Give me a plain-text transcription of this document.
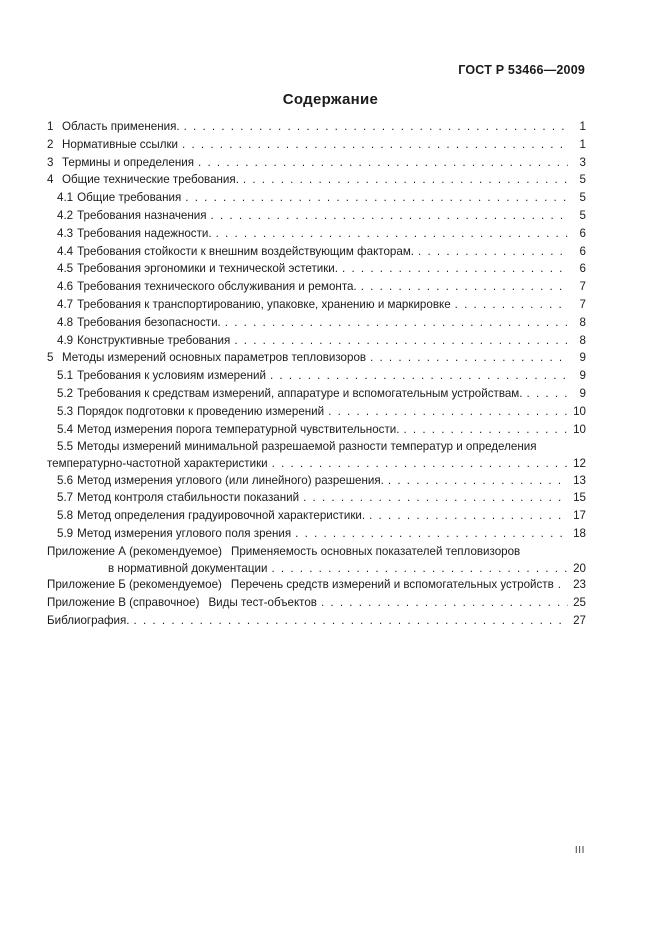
ГОСТ Р 53466—2009
Содержание
1 Область применения. . . .	1
2 Нормативные ссылки . . .	1
3 Термины и определения . . .	3
4 Общие технические требования. . . .	5
4.1 Общие требования . . .	5
4.2 Требования назначения . . .	5
4.3 Требования надежности. . . .	6
4.4 Требования стойкости к внешним воздействующим факторам. . . .	6
4.5 Требования эргономики и технической эстетики. . . .	6
4.6 Требования технического обслуживания и ремонта. . . .	7
4.7 Требования к транспортированию, упаковке, хранению и маркировке . . .	7
4.8 Требования безопасности. . . .	8
4.9 Конструктивные требования . . .	8
5 Методы измерений основных параметров тепловизоров . . .	9
5.1 Требования к условиям измерений . . .	9
5.2 Требования к средствам измерений, аппаратуре и вспомогательным устройствам. . . .	9
5.3 Порядок подготовки к проведению измерений . . .	10
5.4 Метод измерения порога температурной чувствительности. . . .	10
5.5 Методы измерений минимальной разрешаемой разности температур и определения
температурно-частотной характеристики . . .	12
5.6 Метод измерения углового (или линейного) разрешения. . . .	13
5.7 Метод контроля стабильности показаний . . .	15
5.8 Метод определения градуировочной характеристики. . . .	17
5.9 Метод измерения углового поля зрения . . .	18
Приложение А (рекомендуемое) Применяемость основных показателей тепловизоров
в нормативной документации . . .	20
Приложение Б (рекомендуемое) Перечень средств измерений и вспомогательных устройств . . . 23
Приложение В (справочное) Виды тест-объектов . . .	25
Библиография. . . .	27
III
